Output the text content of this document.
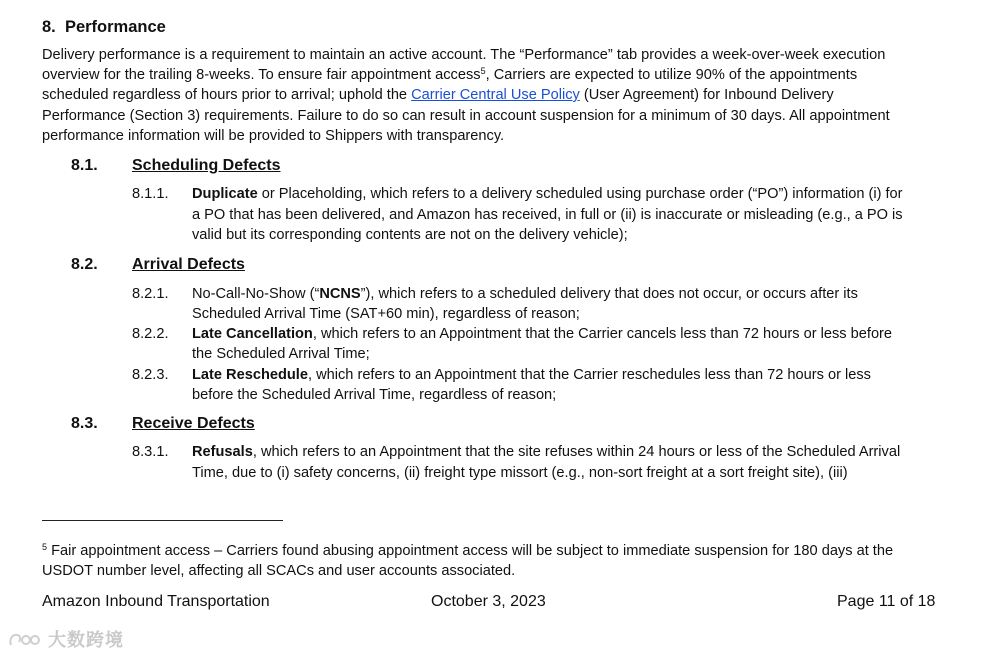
8. Performance
Delivery performance is a requirement to maintain an active account. The “Performance” tab provides a week-over-week execution
overview for the trailing 8-weeks. To ensure fair appointment access$^5$, Carriers are expected to utilize 90% of the appointments
scheduled regardless of hours prior to arrival; uphold the Carrier Central Use Policy (User Agreement) for Inbound Delivery
Performance (Section 3) requirements. Failure to do so can result in account suspension for a minimum of 30 days. All appointment
performance information will be provided to Shippers with transparency.
8.1. Scheduling Defects
8.1.1. Duplicate or Placeholding, which refers to a delivery scheduled using purchase order (“PO”) information (i) for
a PO that has been delivered, and Amazon has received, in full or (ii) is inaccurate or misleading (e.g., a PO is
valid but its corresponding contents are not on the delivery vehicle);
8.2. Arrival Defects
8.2.1. No-Call-No-Show (“NCNS”), which refers to a scheduled delivery that does not occur, or occurs after its
Scheduled Arrival Time (SAT+60 min), regardless of reason;
8.2.2. Late Cancellation, which refers to an Appointment that the Carrier cancels less than 72 hours or less before
the Scheduled Arrival Time;
8.2.3. Late Reschedule, which refers to an Appointment that the Carrier reschedules less than 72 hours or less
before the Scheduled Arrival Time, regardless of reason;
8.3. Receive Defects
8.3.1. Refusals, which refers to an Appointment that the site refuses within 24 hours or less of the Scheduled Arrival
Time, due to (i) safety concerns, (ii) freight type missort (e.g., non-sort freight at a sort freight site), (iii)
$^5$ Fair appointment access – Carriers found abusing appointment access will be subject to immediate suspension for 180 days at the
USDOT number level, affecting all SCACs and user accounts associated.
Amazon Inbound Transportation	October 3, 2023	Page 11 of 18
大数跨境
